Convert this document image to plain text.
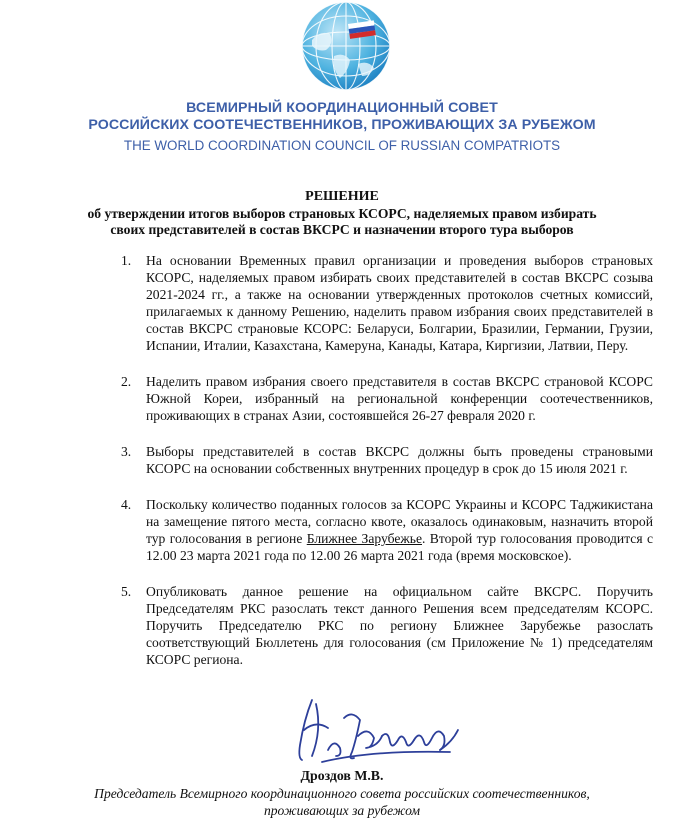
ВСЕМИРНЫЙ КООРДИНАЦИОННЫЙ СОВЕТ
РОССИЙСКИХ СООТЕЧЕСТВЕННИКОВ, ПРОЖИВАЮЩИХ ЗА РУБЕЖОМ
THE WORLD COORDINATION COUNCIL OF RUSSIAN COMPATRIOTS
РЕШЕНИЕ
об утверждении итогов выборов страновых КСОРС, наделяемых правом избирать своих представителей в состав ВКСРС и назначении второго тура выборов
1. На основании Временных правил организации и проведения выборов страновых КСОРС, наделяемых правом избирать своих представителей в состав ВКСРС созыва 2021-2024 гг., а также на основании утвержденных протоколов счетных комиссий, прилагаемых к данному Решению, наделить правом избрания своих представителей в состав ВКСРС страновые КСОРС: Беларуси, Болгарии, Бразилии, Германии, Грузии, Испании, Италии, Казахстана, Камеруна, Канады, Катара, Киргизии, Латвии, Перу.
2. Наделить правом избрания своего представителя в состав ВКСРС страновой КСОРС Южной Кореи, избранный на региональной конференции соотечественников, проживающих в странах Азии, состоявшейся 26-27 февраля 2020 г.
3. Выборы представителей в состав ВКСРС должны быть проведены страновыми КСОРС на основании собственных внутренних процедур в срок до 15 июля 2021 г.
4. Поскольку количество поданных голосов за КСОРС Украины и КСОРС Таджикистана на замещение пятого места, согласно квоте, оказалось одинаковым, назначить второй тур голосования в регионе Ближнее Зарубежье. Второй тур голосования проводится с 12.00 23 марта 2021 года по 12.00 26 марта 2021 года (время московское).
5. Опубликовать данное решение на официальном сайте ВКСРС. Поручить Председателям РКС разослать текст данного Решения всем председателям КСОРС. Поручить Председателю РКС по региону Ближнее Зарубежье разослать соответствующий Бюллетень для голосования (см Приложение № 1) председателям КСОРС региона.
Дроздов М.В.
Председатель Всемирного координационного совета российских соотечественников, проживающих за рубежом
